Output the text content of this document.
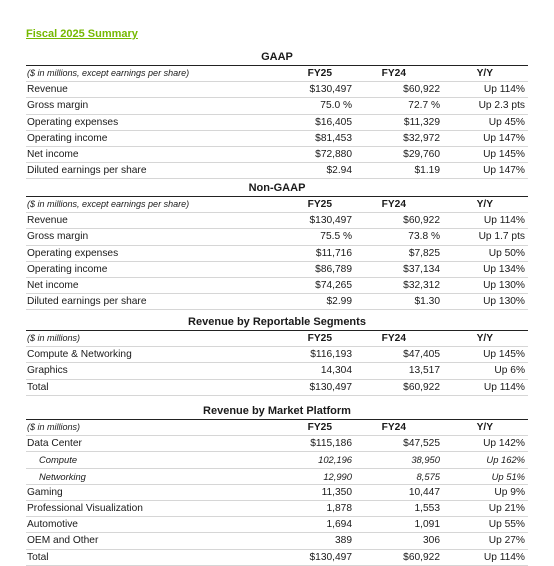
Fiscal 2025 Summary
GAAP
($ in millions, except earnings per share)	FY25	FY24	Y/Y
Revenue	$130,497	$60,922	Up 114%
Gross margin	75.0 %	72.7 %	Up 2.3 pts
Operating expenses	$16,405	$11,329	Up 45%
Operating income	$81,453	$32,972	Up 147%
Net income	$72,880	$29,760	Up 145%
Diluted earnings per share	$2.94	$1.19	Up 147%
Non-GAAP
($ in millions, except earnings per share)	FY25	FY24	Y/Y
Revenue	$130,497	$60,922	Up 114%
Gross margin	75.5 %	73.8 %	Up 1.7 pts
Operating expenses	$11,716	$7,825	Up 50%
Operating income	$86,789	$37,134	Up 134%
Net income	$74,265	$32,312	Up 130%
Diluted earnings per share	$2.99	$1.30	Up 130%
Revenue by Reportable Segments
($ in millions)	FY25	FY24	Y/Y
Compute & Networking	$116,193	$47,405	Up 145%
Graphics	14,304	13,517	Up 6%
Total	$130,497	$60,922	Up 114%
Revenue by Market Platform
($ in millions)	FY25	FY24	Y/Y
Data Center	$115,186	$47,525	Up 142%
Compute	102,196	38,950	Up 162%
Networking	12,990	8,575	Up 51%
Gaming	11,350	10,447	Up 9%
Professional Visualization	1,878	1,553	Up 21%
Automotive	1,694	1,091	Up 55%
OEM and Other	389	306	Up 27%
Total	$130,497	$60,922	Up 114%
